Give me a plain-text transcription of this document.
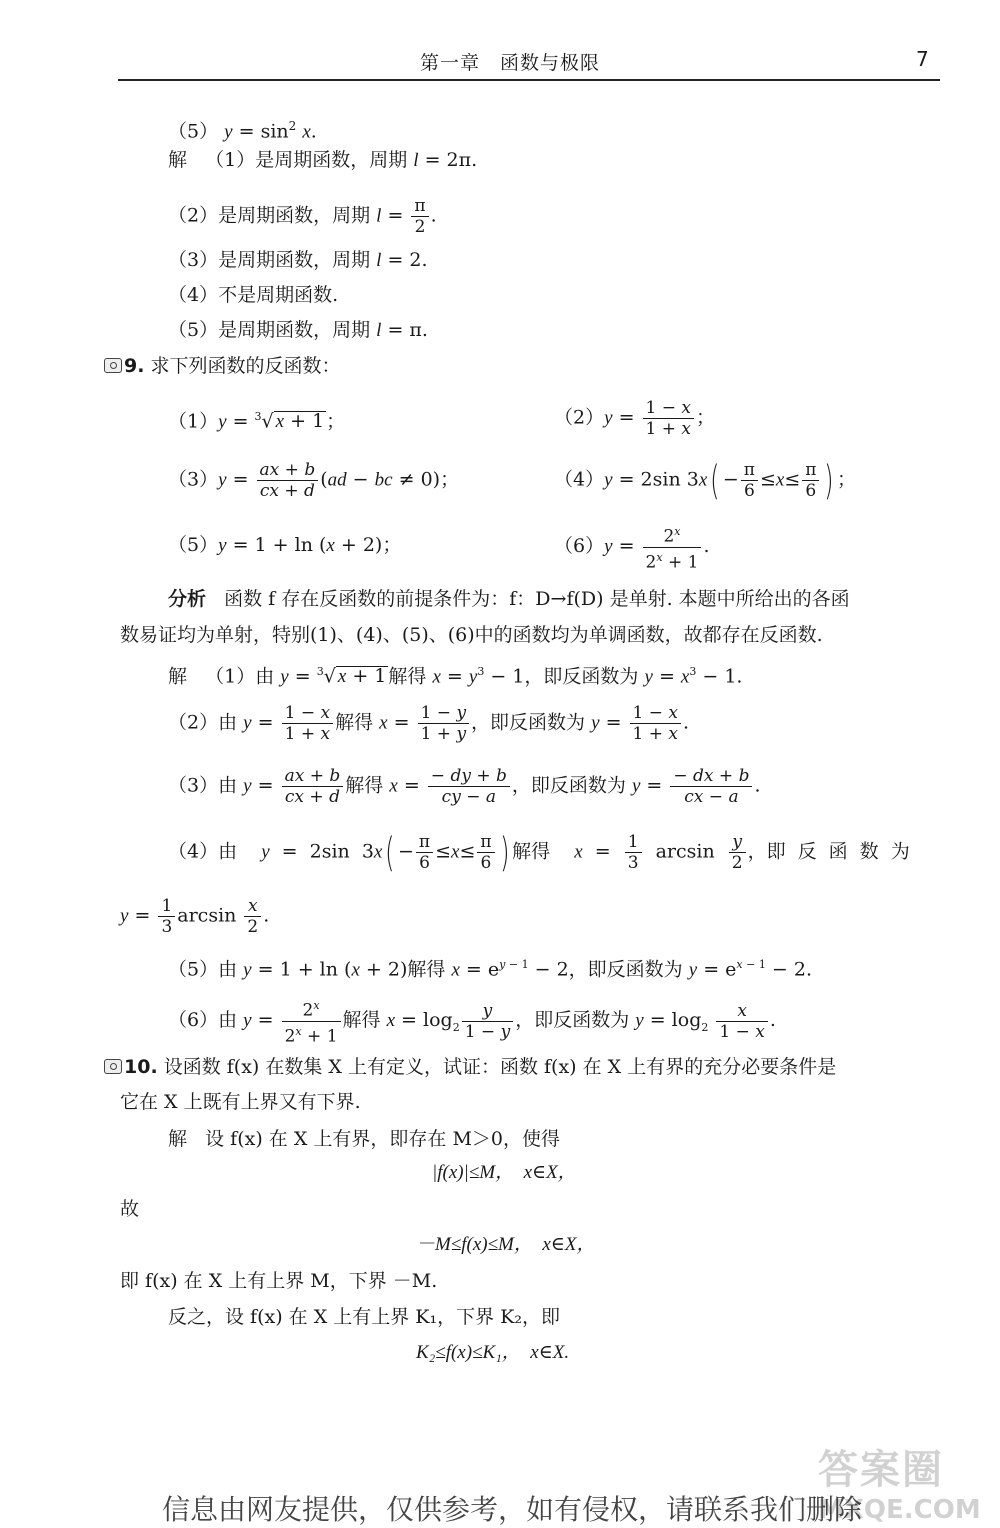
第一章　函数与极限	7
（5） $y = \sin^2 x$.
解 （1）是周期函数，周期 l = 2π.
（2）是周期函数，周期 $l = \frac{\pi}{2}$ .
（3）是周期函数，周期 l = 2.
（4）不是周期函数.
（5）是周期函数，周期 l = π.
9. 求下列函数的反函数：
（1）y = $^3$√ x + 1 ；	$(2)y = \frac{1 - x}{1 + x}$ ；
$(3)y = \frac{ax + b}{cx + d} (ad$ − bc ≠ 0)；	（4）y = 2sin $3x( - \frac{\pi}{6} \le x\le \frac{\pi}{6}$ ) ；
（5）y = 1 + ln (x + 2)；	$(6)y = \frac{2^x}{2^x + 1}$ .
分析 函数 f 存在反函数的前提条件为：f：D→f(D) 是单射. 本题中所给出的各函
数易证均为单射，特别(1)、(4)、(5)、(6)中的函数均为单调函数，故都存在反函数.
解   （1）由 y = $^3$√ x + 1 解得 $x = y^3 - 1$，即反函数为 $y = x^3 - 1$.
（2）由 $y = \frac{1 - x}{1 + x}$ 解得 $x = \frac{1 - y}{1 + y}$ ，即反函数为 $y = \frac{1 - x}{1 + x}$ .
（3）由 $y = \frac{ax + b}{cx + d}$ 解得 $x = \frac{- dy + b}{cy - a}$ ，即反函数为 $y = \frac{- dx + b}{cx - a}$ .
（4）由 y = 2sin $3x( - \frac{\pi}{6} \le x\le \frac{\pi}{6}$ ) 解得 $x = \frac{1}{3}$ $\arcsin \frac{y}{2}$ ，即 反 函 数 为
$y = \frac{1}{3}$ $\arcsin \frac{x}{2}$ .
（5）由 y = 1 + ln (x + 2)解得 $x = e^{y - 1} - 2$，即反函数为 $y = e^{x - 1} - 2$.
（6）由 $y = \frac{2^x}{2^x + 1}$ 解得 $x = \log_2 \frac{y}{1 - y}$ ，即反函数为 $y = \log_2 \frac{x}{1 - x}$ .
10. 设函数 f(x) 在数集 X 上有定义，试证：函数 f(x) 在 X 上有界的充分必要条件是
它在 X 上既有上界又有下界.
解 设 f(x) 在 X 上有界，即存在 M＞0，使得
|f(x)|≤M，　x∈X，
故
－M≤f(x)≤M，　x∈X，
即 f(x) 在 X 上有上界 M，下界 －M.
反之，设 f(x) 在 X 上有上界 K₁，下界 K₂，即
K₂≤f(x)≤K₁，　x∈X.
信息由网友提供，仅供参考，如有侵权，请联系我们删除
答案圈
MXQE.COM
